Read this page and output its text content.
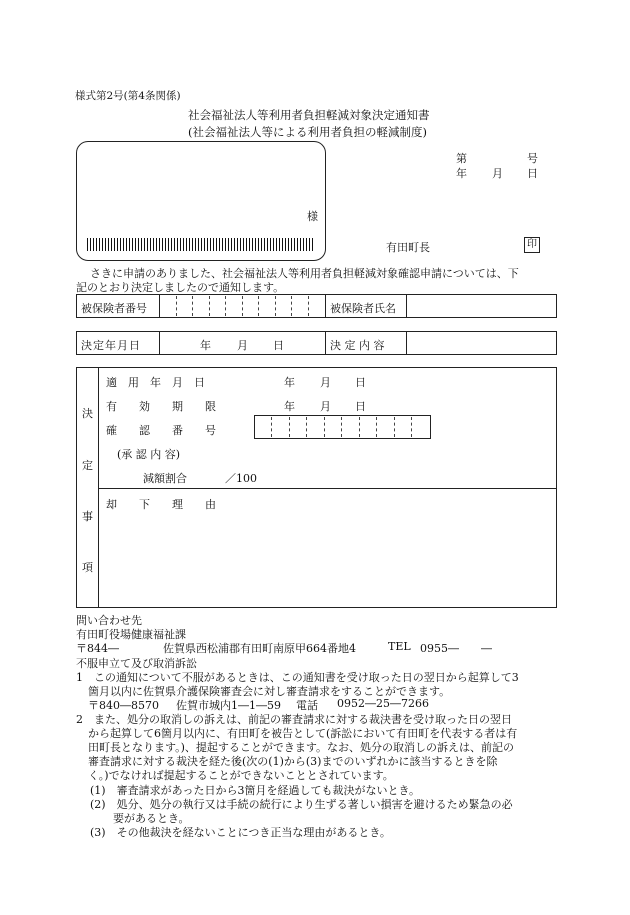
様式第2号(第4条関係)
社会福祉法人等利用者負担軽減対象決定通知書
(社会福祉法人等による利用者負担の軽減制度)
様
第	号
年 月 日
有田町長	印
さきに申請のありました、社会福祉法人等利用者負担軽減対象確認申請については、下
記のとおり決定しましたので通知します。
被保険者番号	被保険者氏名
決定年月日	年 月 日	決 定 内 容
決
定
事
項
適　用　年　月　日	年 月 日
有　　効　　期　　限	年 月 日
確　　認　　番　　号
(承 認 内 容)
減額割合	／100
却　　下　　理　　由
問い合わせ先
有田町役場健康福祉課
〒844―	佐賀県西松浦郡有田町南原甲664番地4	TEL 0955―　　―
不服申立て及び取消訴訟
1　この通知について不服があるときは、この通知書を受け取った日の翌日から起算して3
箇月以内に佐賀県介護保険審査会に対し審査請求をすることができます。
〒840―8570 佐賀市城内1―1―59 電話 0952―25―7266
2　また、処分の取消しの訴えは、前記の審査請求に対する裁決書を受け取った日の翌日
から起算して6箇月以内に、有田町を被告として(訴訟において有田町を代表する者は有
田町長となります。)、提起することができます。なお、処分の取消しの訴えは、前記の
審査請求に対する裁決を経た後(次の(1)から(3)までのいずれかに該当するときを除
く。)でなければ提起することができないこととされています。
(1)　審査請求があった日から3箇月を経過しても裁決がないとき。
(2)　処分、処分の執行又は手続の続行により生ずる著しい損害を避けるため緊急の必
要があるとき。
(3)　その他裁決を経ないことにつき正当な理由があるとき。
